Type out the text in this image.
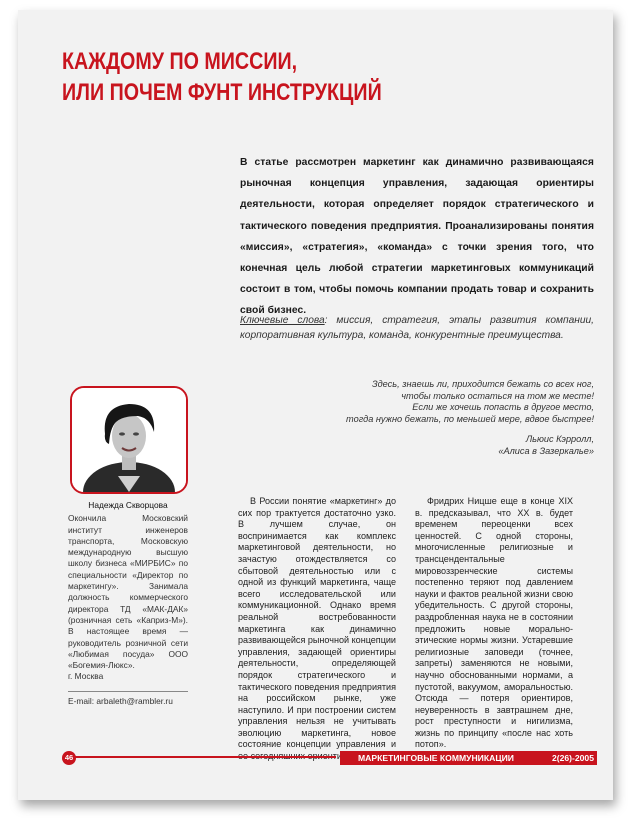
КАЖДОМУ ПО МИССИИ,
ИЛИ ПОЧЕМ ФУНТ ИНСТРУКЦИЙ

В статье рассмотрен маркетинг как динамично развивающаяся рыночная концепция управления, задающая ориентиры деятельности, которая определяет порядок стратегического и тактического поведения предприятия. Проанализированы понятия «миссия», «стратегия», «команда» с точки зрения того, что конечная цель любой стратегии маркетинговых коммуникаций состоит в том, чтобы помочь компании продать товар и сохранить свой бизнес.

Ключевые слова: миссия, стратегия, этапы развития компании, корпоративная культура, команда, конкурентные преимущества.

Здесь, знаешь ли, приходится бежать со всех ног,

чтобы только остаться на том же месте!

Если же хочешь попасть в другое место,

тогда нужно бежать, по меньшей мере, вдвое быстрее!

Льюис Кэрролл,

«Алиса в Зазеркалье»

Надежда Скворцова

Окончила Московский институт инженеров транспорта, Московскую международную высшую школу бизнеса «МИРБИС» по специальности «Директор по маркетингу». Занимала должность коммерческого директора ТД «МАК-ДАК» (розничная сеть «Каприз-М»). В настоящее время — руководитель розничной сети «Любимая посуда» ООО «Богемия-Люкс».

г. Москва

E-mail: arbaleth@rambler.ru

В России понятие «маркетинг» до сих пор трактуется достаточно узко. В лучшем случае, он воспринимается как комплекс маркетинговой деятельности, но зачастую отождествляется со сбытовой деятельностью или с одной из функций маркетинга, чаще всего исследовательской или коммуникационной. Однако время реальной востребованности маркетинга как динамично развивающейся рыночной концепции управления, задающей ориентиры деятельности, определяющей порядок стратегического и тактического поведения предприятия на российском рынке, уже наступило. И при построении систем управления нельзя не учитывать эволюцию маркетинга, новое состояние концепции управления и

Фридрих Ницше еще в конце XIX в. предсказывал, что XX в. будет временем переоценки всех ценностей. С одной стороны, многочисленные религиозные и трансцендентальные мировоззренческие системы постепенно теряют под давлением науки и фактов реальной жизни свою убедительность. С другой стороны, раздробленная наука не в состоянии предложить новые морально-этические нормы жизни. Устаревшие религиозные заповеди (точнее, запреты) заменяются не новыми, научно обоснованными нормами, а пустотой, вакуумом, аморальностью. Отсюда — потеря ориентиров, неуверенность в завтрашнем дне, рост преступности и нигилизма, жизнь по принципу «после нас хоть потоп».

46	МАРКЕТИНГОВЫЕ КОММУНИКАЦИИ	2(26)-2005
